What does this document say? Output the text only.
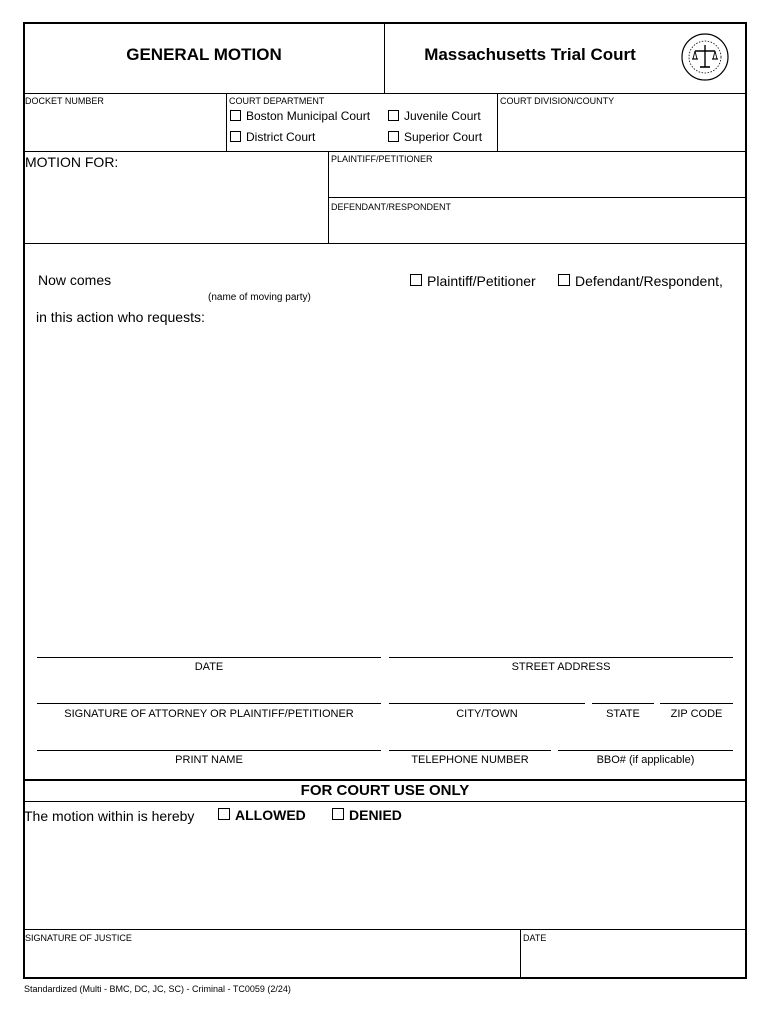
GENERAL MOTION	Massachusetts Trial Court
DOCKET NUMBER	COURT DEPARTMENT
Boston Municipal Court	Juvenile Court
District Court	Superior Court
COURT DIVISION/COUNTY
MOTION FOR:	PLAINTIFF/PETITIONER
DEFENDANT/RESPONDENT
Now comes
(name of moving party)
Plaintiff/Petitioner	Defendant/Respondent,
in this action who requests:
DATE	STREET ADDRESS
SIGNATURE OF ATTORNEY OR PLAINTIFF/PETITIONER	CITY/TOWN	STATE	ZIP CODE
PRINT NAME	TELEPHONE NUMBER	BBO# (if applicable)
FOR COURT USE ONLY
The motion within is hereby	ALLOWED	DENIED
SIGNATURE OF JUSTICE	DATE
Standardized (Multi - BMC, DC, JC, SC) - Criminal - TC0059 (2/24)
